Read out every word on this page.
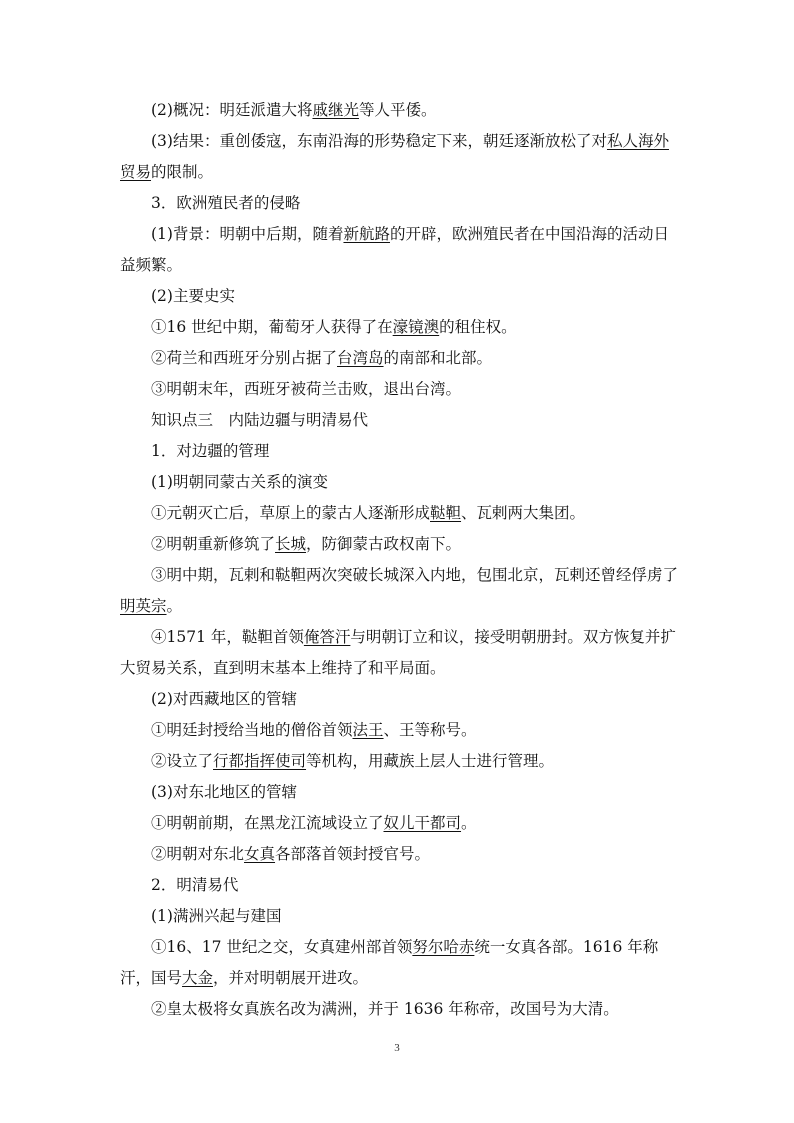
(2)概况：明廷派遣大将戚继光等人平倭。

(3)结果：重创倭寇，东南沿海的形势稳定下来，朝廷逐渐放松了对私人海外贸易的限制。

3．欧洲殖民者的侵略

(1)背景：明朝中后期，随着新航路的开辟，欧洲殖民者在中国沿海的活动日益频繁。

(2)主要史实

①16 世纪中期，葡萄牙人获得了在濠镜澳的租住权。

②荷兰和西班牙分别占据了台湾岛的南部和北部。

③明朝末年，西班牙被荷兰击败，退出台湾。

知识点三　内陆边疆与明清易代

1．对边疆的管理

(1)明朝同蒙古关系的演变

①元朝灭亡后，草原上的蒙古人逐渐形成鞑靼、瓦剌两大集团。

②明朝重新修筑了长城，防御蒙古政权南下。

③明中期，瓦剌和鞑靼两次突破长城深入内地，包围北京，瓦剌还曾经俘虏了明英宗。

④1571 年，鞑靼首领俺答汗与明朝订立和议，接受明朝册封。双方恢复并扩大贸易关系，直到明末基本上维持了和平局面。

(2)对西藏地区的管辖

①明廷封授给当地的僧俗首领法王、王等称号。

②设立了行都指挥使司等机构，用藏族上层人士进行管理。

(3)对东北地区的管辖

①明朝前期，在黑龙江流域设立了奴儿干都司。

②明朝对东北女真各部落首领封授官号。

2．明清易代

(1)满洲兴起与建国

①16、17 世纪之交，女真建州部首领努尔哈赤统一女真各部。1616 年称汗，国号大金，并对明朝展开进攻。

②皇太极将女真族名改为满洲，并于 1636 年称帝，改国号为大清。

3
